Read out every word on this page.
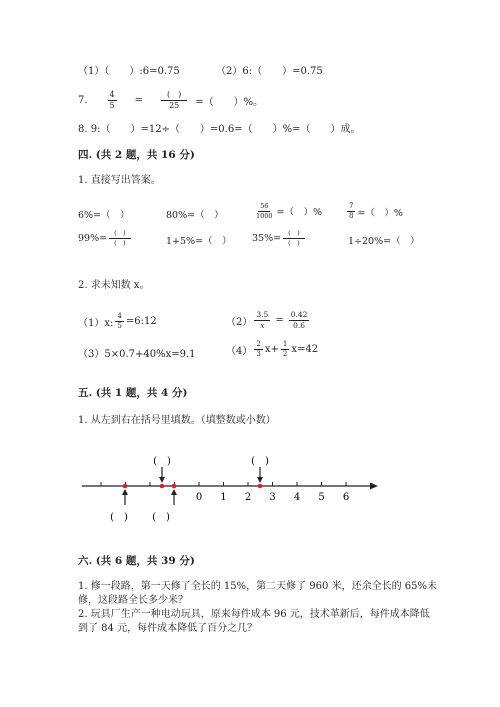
（1）（　　）:6=0.75	（2）6:（　　）=0.75
7.	$\frac{4}{5} = \frac{( )}{25}$ =（　　）%。
8. 9:（　　）=12÷（　　）=0.6=（　　）%=（　　）成。
四. (共 2 题，共 16 分)
1. 直接写出答案。
6%=（　）	80%=（　）	$\frac{56}{1000}$ =（　）%	$\frac{7}{8}$ =（　）%
$99\%= \frac{( )}{( )}$	1+5%=（　） $35\%= \frac{( )}{( )}$	1÷20%=（　）
2. 求未知数 x。
（1）x: $\frac{4}{5}$ =6:12	$(2) \frac{3.5}{x} = \frac{0.42}{0.6}$
（3）5×0.7+40%x=9.1	$(4) \frac{2}{3} x+ \frac{1}{2} x=42$
五. (共 1 题，共 4 分)
1. 从左到右在括号里填数。（填整数或小数）
0 1 2 3 4 5 6
(　)	(　)
(　) (　)
六. (共 6 题，共 39 分)
1. 修一段路，第一天修了全长的 15%，第二天修了 960 米，还余全长的 65%未
修，这段路全长多少米？
2. 玩具厂生产一种电动玩具，原来每件成本 96 元，技术革新后，每件成本降低
到了 84 元，每件成本降低了百分之几？
